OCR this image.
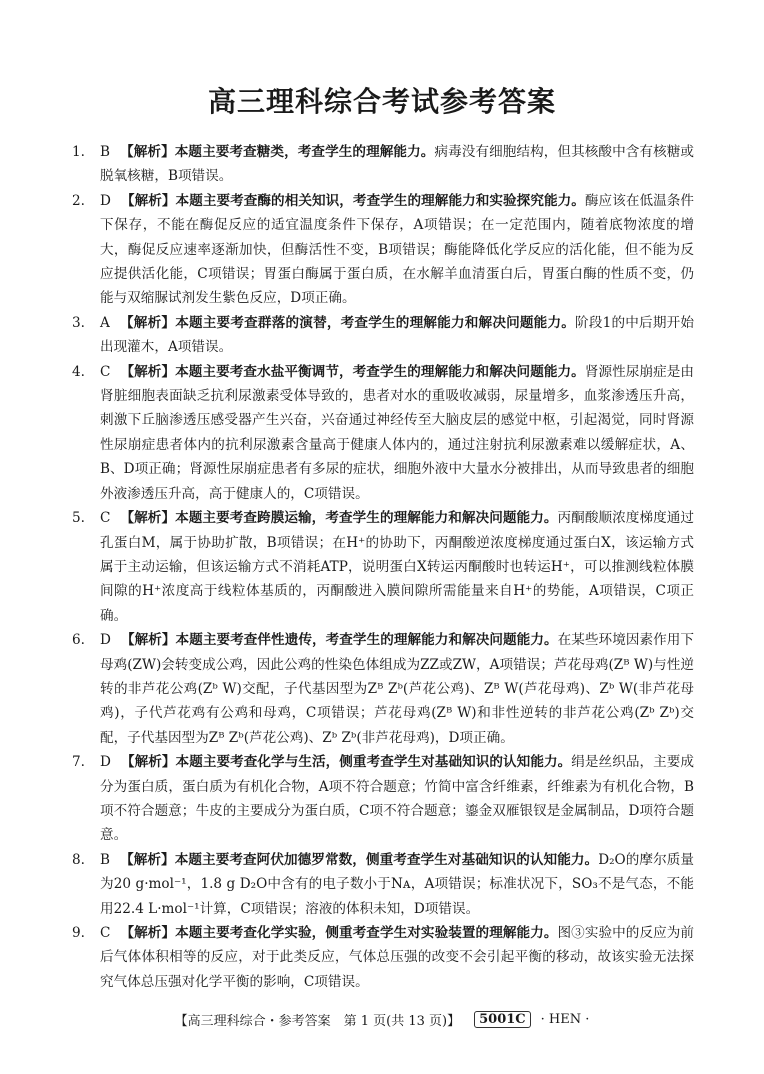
高三理科综合考试参考答案
1. B 【解析】本题主要考查糖类，考查学生的理解能力。病毒没有细胞结构，但其核酸中含有核糖或脱氧核糖，B项错误。
2. D 【解析】本题主要考查酶的相关知识，考查学生的理解能力和实验探究能力。酶应该在低温条件下保存，不能在酶促反应的适宜温度条件下保存，A项错误；在一定范围内，随着底物浓度的增大，酶促反应速率逐渐加快，但酶活性不变，B项错误；酶能降低化学反应的活化能，但不能为反应提供活化能，C项错误；胃蛋白酶属于蛋白质，在水解羊血清蛋白后，胃蛋白酶的性质不变，仍能与双缩脲试剂发生紫色反应，D项正确。
3. A 【解析】本题主要考查群落的演替，考查学生的理解能力和解决问题能力。阶段1的中后期开始出现灌木，A项错误。
4. C 【解析】本题主要考查水盐平衡调节，考查学生的理解能力和解决问题能力。肾源性尿崩症是由肾脏细胞表面缺乏抗利尿激素受体导致的，患者对水的重吸收减弱，尿量增多，血浆渗透压升高，刺激下丘脑渗透压感受器产生兴奋，兴奋通过神经传至大脑皮层的感觉中枢，引起渴觉，同时肾源性尿崩症患者体内的抗利尿激素含量高于健康人体内的，通过注射抗利尿激素难以缓解症状，A、B、D项正确；肾源性尿崩症患者有多尿的症状，细胞外液中大量水分被排出，从而导致患者的细胞外液渗透压升高，高于健康人的，C项错误。
5. C 【解析】本题主要考查跨膜运输，考查学生的理解能力和解决问题能力。丙酮酸顺浓度梯度通过孔蛋白M，属于协助扩散，B项错误；在H⁺的协助下，丙酮酸逆浓度梯度通过蛋白X，该运输方式属于主动运输，但该运输方式不消耗ATP，说明蛋白X转运丙酮酸时也转运H⁺，可以推测线粒体膜间隙的H⁺浓度高于线粒体基质的，丙酮酸进入膜间隙所需能量来自H⁺的势能，A项错误，C项正确。
6. D 【解析】本题主要考查伴性遗传，考查学生的理解能力和解决问题能力。在某些环境因素作用下母鸡(ZW)会转变成公鸡，因此公鸡的性染色体组成为ZZ或ZW，A项错误；芦花母鸡(Zᴮ W)与性逆转的非芦花公鸡(Zᵇ W)交配，子代基因型为Zᴮ Zᵇ(芦花公鸡)、Zᴮ W(芦花母鸡)、Zᵇ W(非芦花母鸡)，子代芦花鸡有公鸡和母鸡，C项错误；芦花母鸡(Zᴮ W)和非性逆转的非芦花公鸡(Zᵇ Zᵇ)交配，子代基因型为Zᴮ Zᵇ(芦花公鸡)、Zᵇ Zᵇ(非芦花母鸡)，D项正确。
7. D 【解析】本题主要考查化学与生活，侧重考查学生对基础知识的认知能力。绢是丝织品，主要成分为蛋白质，蛋白质为有机化合物，A项不符合题意；竹简中富含纤维素，纤维素为有机化合物，B项不符合题意；牛皮的主要成分为蛋白质，C项不符合题意；鎏金双雁银钗是金属制品，D项符合题意。
8. B 【解析】本题主要考查阿伏加德罗常数，侧重考查学生对基础知识的认知能力。D₂O的摩尔质量为20 g·mol⁻¹，1.8 g D₂O中含有的电子数小于Nᴀ，A项错误；标准状况下，SO₃不是气态，不能用22.4 L·mol⁻¹计算，C项错误；溶液的体积未知，D项错误。
9. C 【解析】本题主要考查化学实验，侧重考查学生对实验装置的理解能力。图③实验中的反应为前后气体体积相等的反应，对于此类反应，气体总压强的改变不会引起平衡的移动，故该实验无法探究气体总压强对化学平衡的影响，C项错误。
【高三理科综合・参考答案　第 1 页(共 13 页)】	5001C	· HEN ·
